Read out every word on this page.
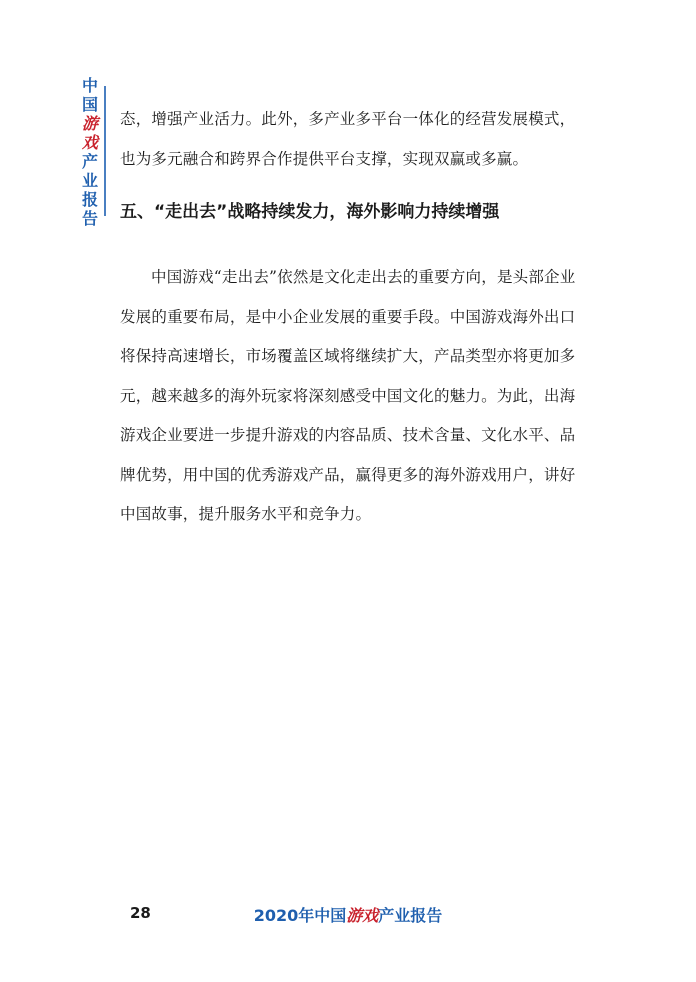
中
国
游
戏
产
业
报
告

态，增强产业活力。此外，多产业多平台一体化的经营发展模式，也为多元融合和跨界合作提供平台支撑，实现双赢或多赢。

五、“走出去”战略持续发力，海外影响力持续增强

中国游戏“走出去”依然是文化走出去的重要方向，是头部企业发展的重要布局，是中小企业发展的重要手段。中国游戏海外出口将保持高速增长，市场覆盖区域将继续扩大，产品类型亦将更加多元，越来越多的海外玩家将深刻感受中国文化的魅力。为此，出海游戏企业要进一步提升游戏的内容品质、技术含量、文化水平、品牌优势，用中国的优秀游戏产品，赢得更多的海外游戏用户，讲好中国故事，提升服务水平和竞争力。

28	2020年中国游戏产业报告
